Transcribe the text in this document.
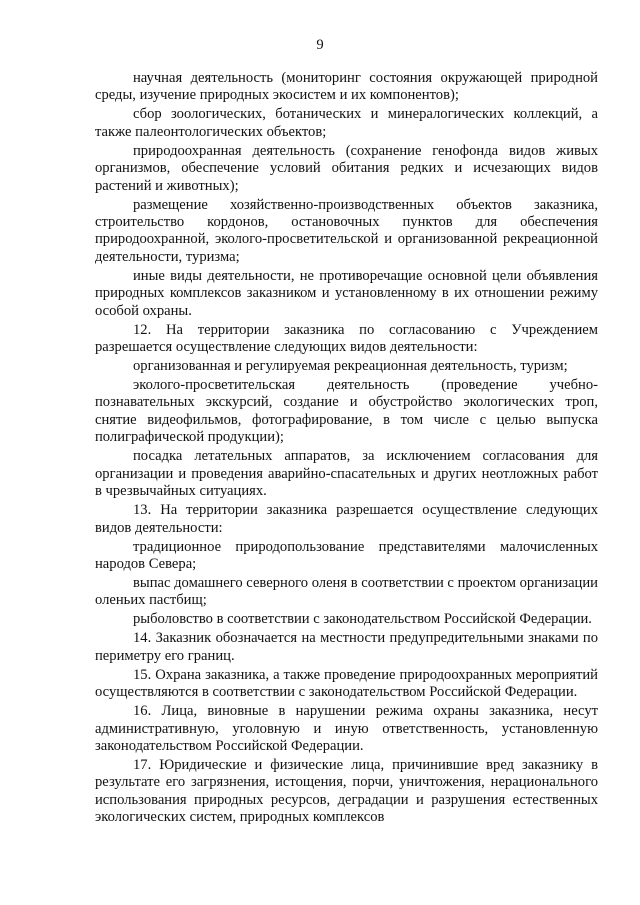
9

научная деятельность (мониторинг состояния окружающей природной среды, изучение природных экосистем и их компонентов);

сбор зоологических, ботанических и минералогических коллекций, а также палеонтологических объектов;

природоохранная деятельность (сохранение генофонда видов живых организмов, обеспечение условий обитания редких и исчезающих видов растений и животных);

размещение хозяйственно-производственных объектов заказника, строительство кордонов, остановочных пунктов для обеспечения природоохранной, эколого-просветительской и организованной рекреационной деятельности, туризма;

иные виды деятельности, не противоречащие основной цели объявления природных комплексов заказником и установленному в их отношении режиму особой охраны.

12. На территории заказника по согласованию с Учреждением разрешается осуществление следующих видов деятельности:

организованная и регулируемая рекреационная деятельность, туризм;

эколого-просветительская деятельность (проведение учебно-познавательных экскурсий, создание и обустройство экологических троп, снятие видеофильмов, фотографирование, в том числе с целью выпуска полиграфической продукции);

посадка летательных аппаратов, за исключением согласования для организации и проведения аварийно-спасательных и других неотложных работ в чрезвычайных ситуациях.

13. На территории заказника разрешается осуществление следующих видов деятельности:

традиционное природопользование представителями малочисленных народов Севера;

выпас домашнего северного оленя в соответствии с проектом организации оленьих пастбищ;

рыболовство в соответствии с законодательством Российской Федерации.

14. Заказник обозначается на местности предупредительными знаками по периметру его границ.

15. Охрана заказника, а также проведение природоохранных мероприятий осуществляются в соответствии с законодательством Российской Федерации.

16. Лица, виновные в нарушении режима охраны заказника, несут административную, уголовную и иную ответственность, установленную законодательством Российской Федерации.

17. Юридические и физические лица, причинившие вред заказнику в результате его загрязнения, истощения, порчи, уничтожения, нерационального использования природных ресурсов, деградации и разрушения естественных экологических систем, природных комплексов
